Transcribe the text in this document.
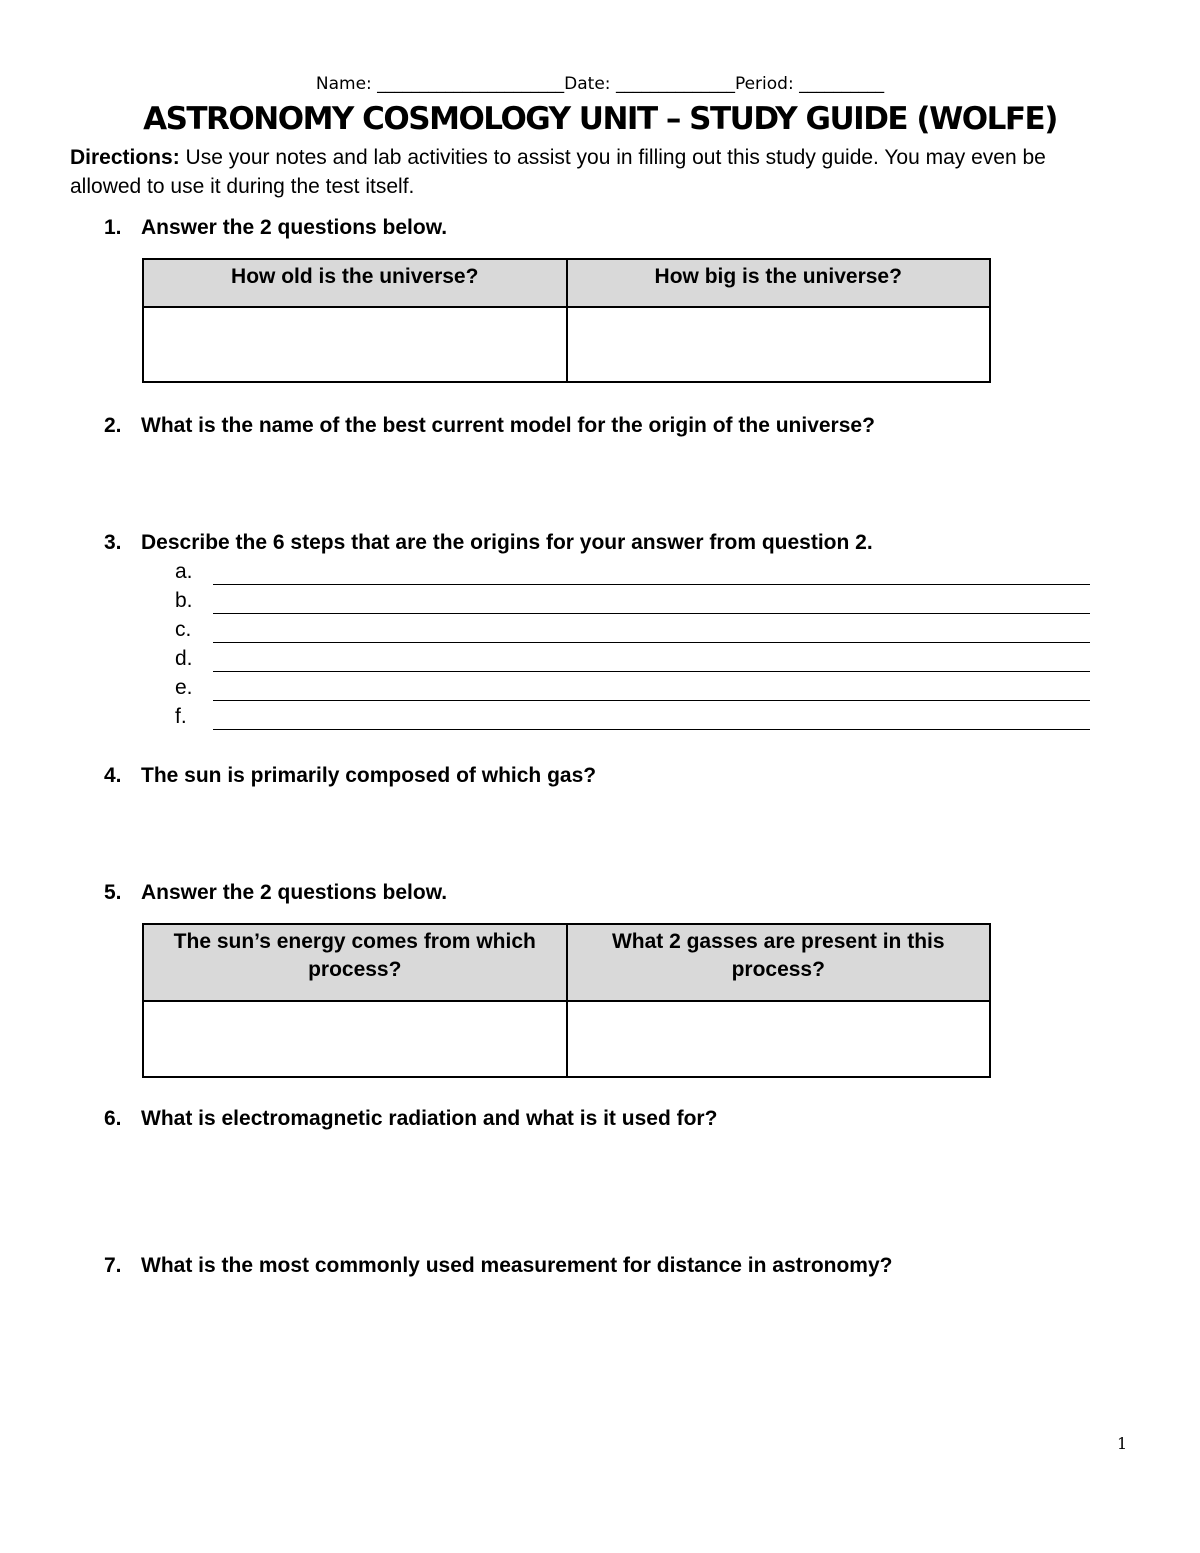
Name: ______________________Date: ______________Period: __________
ASTRONOMY COSMOLOGY UNIT – STUDY GUIDE (WOLFE)
Directions: Use your notes and lab activities to assist you in filling out this study guide. You may even be allowed to use it during the test itself.
1. Answer the 2 questions below.
How old is the universe?	How big is the universe?

2. What is the name of the best current model for the origin of the universe?
3. Describe the 6 steps that are the origins for your answer from question 2.
a.
b.
c.
d.
e.
f.
4. The sun is primarily composed of which gas?
5. Answer the 2 questions below.
The sun’s energy comes from which process?	What 2 gasses are present in this process?

6. What is electromagnetic radiation and what is it used for?
7. What is the most commonly used measurement for distance in astronomy?
1
